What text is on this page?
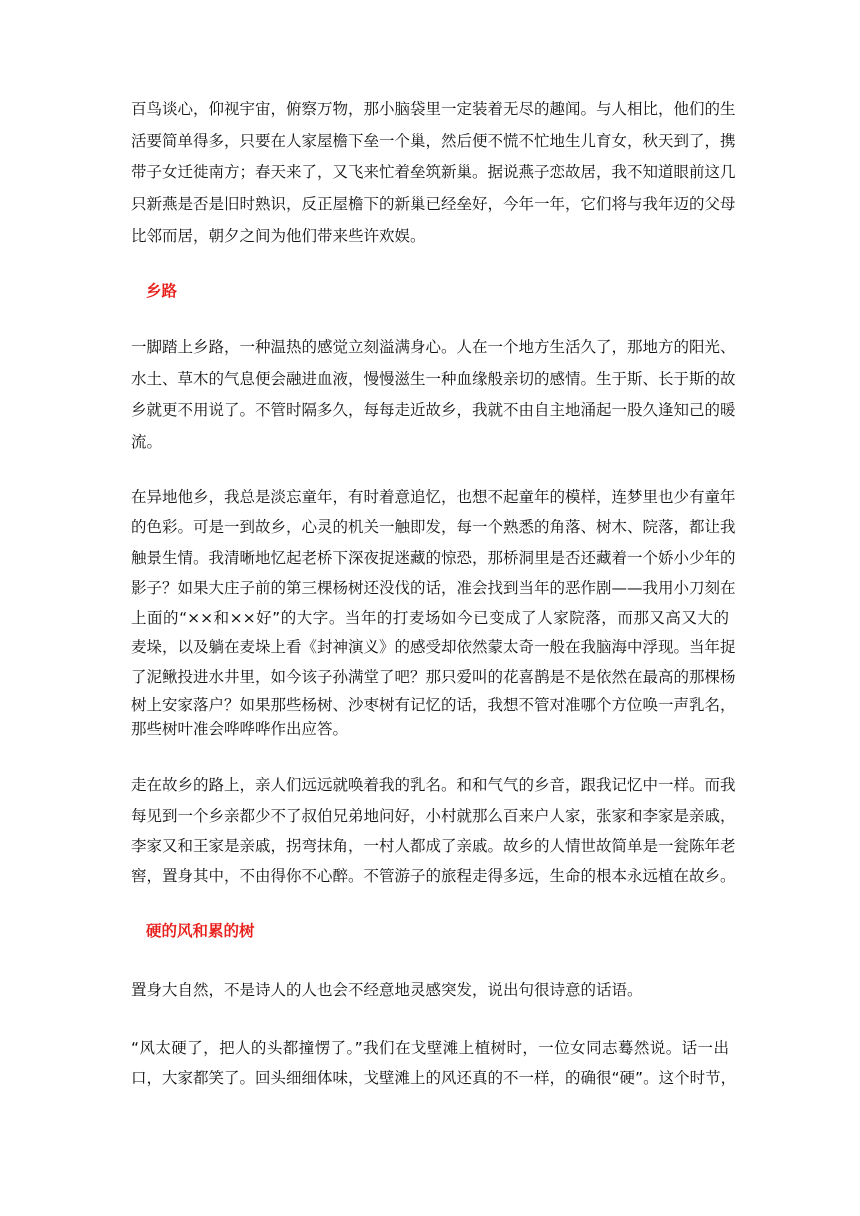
百鸟谈心，仰视宇宙，俯察万物，那小脑袋里一定装着无尽的趣闻。与人相比，他们的生
活要简单得多，只要在人家屋檐下垒一个巢，然后便不慌不忙地生儿育女，秋天到了，携
带子女迁徙南方；春天来了，又飞来忙着垒筑新巢。据说燕子恋故居，我不知道眼前这几
只新燕是否是旧时熟识，反正屋檐下的新巢已经垒好，今年一年，它们将与我年迈的父母
比邻而居，朝夕之间为他们带来些许欢娱。
乡路
一脚踏上乡路，一种温热的感觉立刻溢满身心。人在一个地方生活久了，那地方的阳光、
水土、草木的气息便会融进血液，慢慢滋生一种血缘般亲切的感情。生于斯、长于斯的故
乡就更不用说了。不管时隔多久，每每走近故乡，我就不由自主地涌起一股久逢知己的暖
流。
在异地他乡，我总是淡忘童年，有时着意追忆，也想不起童年的模样，连梦里也少有童年
的色彩。可是一到故乡，心灵的机关一触即发，每一个熟悉的角落、树木、院落，都让我
触景生情。我清晰地忆起老桥下深夜捉迷藏的惊恐，那桥洞里是否还藏着一个娇小少年的
影子？如果大庄子前的第三棵杨树还没伐的话，准会找到当年的恶作剧——我用小刀刻在
上面的“××和××好”的大字。当年的打麦场如今已变成了人家院落，而那又高又大的
麦垛，以及躺在麦垛上看《封神演义》的感受却依然蒙太奇一般在我脑海中浮现。当年捉
了泥鳅投进水井里，如今该子孙满堂了吧？那只爱叫的花喜鹊是不是依然在最高的那棵杨
树上安家落户？如果那些杨树、沙枣树有记忆的话，我想不管对准哪个方位唤一声乳名，
那些树叶准会哗哗哗作出应答。
走在故乡的路上，亲人们远远就唤着我的乳名。和和气气的乡音，跟我记忆中一样。而我
每见到一个乡亲都少不了叔伯兄弟地问好，小村就那么百来户人家，张家和李家是亲戚，
李家又和王家是亲戚，拐弯抹角，一村人都成了亲戚。故乡的人情世故简单是一瓮陈年老
窖，置身其中，不由得你不心醉。不管游子的旅程走得多远，生命的根本永远植在故乡。
硬的风和累的树
置身大自然，不是诗人的人也会不经意地灵感突发，说出句很诗意的话语。
“风太硬了，把人的头都撞愣了。”我们在戈壁滩上植树时，一位女同志蓦然说。话一出
口，大家都笑了。回头细细体味，戈壁滩上的风还真的不一样，的确很“硬”。这个时节，
